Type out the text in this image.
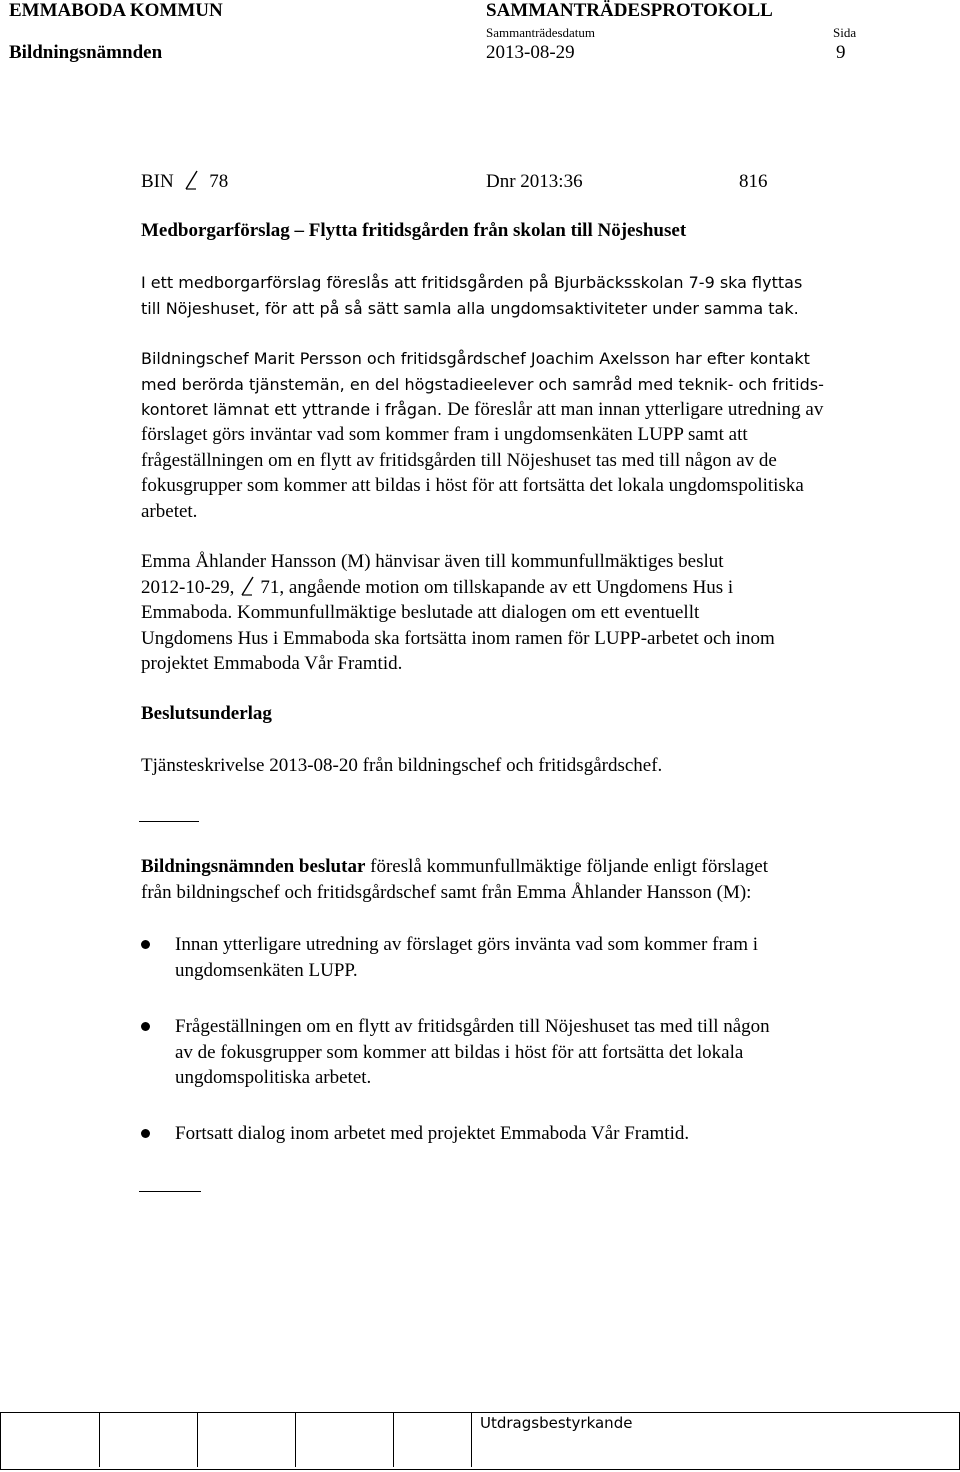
EMMABODA KOMMUN	SAMMANTRÄDESPROTOKOLL
Sammanträdesdatum	Sida
Bildningsnämnden	2013-08-29	9
BIN 78	Dnr 2013:36	816
Medborgarförslag – Flytta fritidsgården från skolan till Nöjeshuset
I ett medborgarförslag föreslås att fritidsgården på Bjurbäcksskolan 7-9 ska flyttas
till Nöjeshuset, för att på så sätt samla alla ungdomsaktiviteter under samma tak.
Bildningschef Marit Persson och fritidsgårdschef Joachim Axelsson har efter kontakt
med berörda tjänstemän, en del högstadieelever och samråd med teknik- och fritids-
kontoret lämnat ett yttrande i frågan. De föreslår att man innan ytterligare utredning av
förslaget görs inväntar vad som kommer fram i ungdomsenkäten LUPP samt att
frågeställningen om en flytt av fritidsgården till Nöjeshuset tas med till någon av de
fokusgrupper som kommer att bildas i höst för att fortsätta det lokala ungdomspolitiska
arbetet.
Emma Åhlander Hansson (M) hänvisar även till kommunfullmäktiges beslut
2012-10-29, 71, angående motion om tillskapande av ett Ungdomens Hus i
Emmaboda. Kommunfullmäktige beslutade att dialogen om ett eventuellt
Ungdomens Hus i Emmaboda ska fortsätta inom ramen för LUPP-arbetet och inom
projektet Emmaboda Vår Framtid.
Beslutsunderlag
Tjänsteskrivelse 2013-08-20 från bildningschef och fritidsgårdschef.
Bildningsnämnden beslutar föreslå kommunfullmäktige följande enligt förslaget
från bildningschef och fritidsgårdschef samt från Emma Åhlander Hansson (M):
Innan ytterligare utredning av förslaget görs invänta vad som kommer fram i
ungdomsenkäten LUPP.
Frågeställningen om en flytt av fritidsgården till Nöjeshuset tas med till någon
av de fokusgrupper som kommer att bildas i höst för att fortsätta det lokala
ungdomspolitiska arbetet.
Fortsatt dialog inom arbetet med projektet Emmaboda Vår Framtid.
Utdragsbestyrkande
